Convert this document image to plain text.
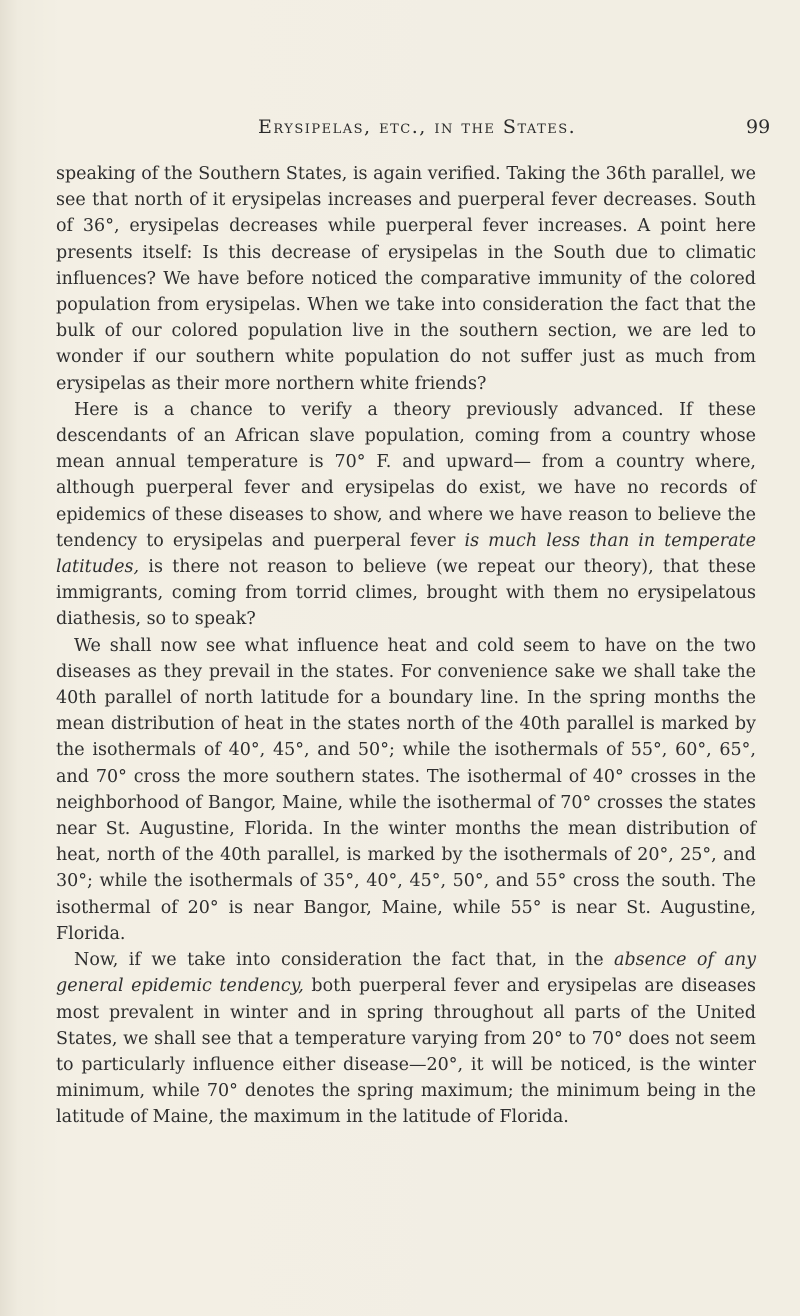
Erysipelas, etc., in the States.	99

speaking of the Southern States, is again verified. Taking the 36th parallel, we see that north of it erysipelas increases and puerperal fever decreases. South of 36°, erysipelas decreases while puerperal fever increases. A point here presents itself: Is this decrease of erysipelas in the South due to climatic influences? We have before noticed the comparative immunity of the colored population from erysipelas. When we take into consideration the fact that the bulk of our colored population live in the southern section, we are led to wonder if our southern white population do not suffer just as much from erysipelas as their more northern white friends?

Here is a chance to verify a theory previously advanced. If these descendants of an African slave population, coming from a country whose mean annual temperature is 70° F. and upward— from a country where, although puerperal fever and erysipelas do exist, we have no records of epidemics of these diseases to show, and where we have reason to believe the tendency to erysipelas and puerperal fever is much less than in temperate latitudes, is there not reason to believe (we repeat our theory), that these immigrants, coming from torrid climes, brought with them no erysipelatous diathesis, so to speak?

We shall now see what influence heat and cold seem to have on the two diseases as they prevail in the states. For convenience sake we shall take the 40th parallel of north latitude for a boundary line. In the spring months the mean distribution of heat in the states north of the 40th parallel is marked by the isothermals of 40°, 45°, and 50°; while the isothermals of 55°, 60°, 65°, and 70° cross the more southern states. The isothermal of 40° crosses in the neighborhood of Bangor, Maine, while the isothermal of 70° crosses the states near St. Augustine, Florida. In the winter months the mean distribution of heat, north of the 40th parallel, is marked by the isothermals of 20°, 25°, and 30°; while the isothermals of 35°, 40°, 45°, 50°, and 55° cross the south. The isothermal of 20° is near Bangor, Maine, while 55° is near St. Augustine, Florida.

Now, if we take into consideration the fact that, in the absence of any general epidemic tendency, both puerperal fever and erysipelas are diseases most prevalent in winter and in spring throughout all parts of the United States, we shall see that a temperature varying from 20° to 70° does not seem to particularly influence either disease—20°, it will be noticed, is the winter minimum, while 70° denotes the spring maximum; the minimum being in the latitude of Maine, the maximum in the latitude of Florida.
